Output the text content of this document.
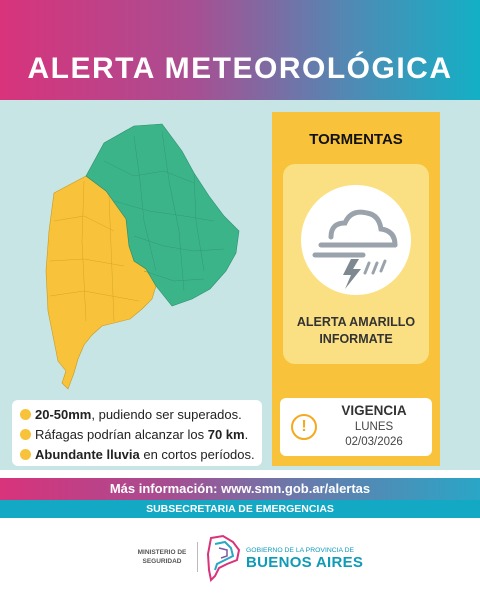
ALERTA METEOROLÓGICA
20-50mm, pudiendo ser superados.
Ráfagas podrían alcanzar los 70 km.
Abundante lluvia en cortos períodos.
TORMENTAS
ALERTA AMARILLO
INFORMATE
!
VIGENCIA
LUNES
02/03/2026
Más información: www.smn.gob.ar/alertas
SUBSECRETARIA DE EMERGENCIAS
MINISTERIO DE
SEGURIDAD
GOBIERNO DE LA PROVINCIA DE
BUENOS AIRES
